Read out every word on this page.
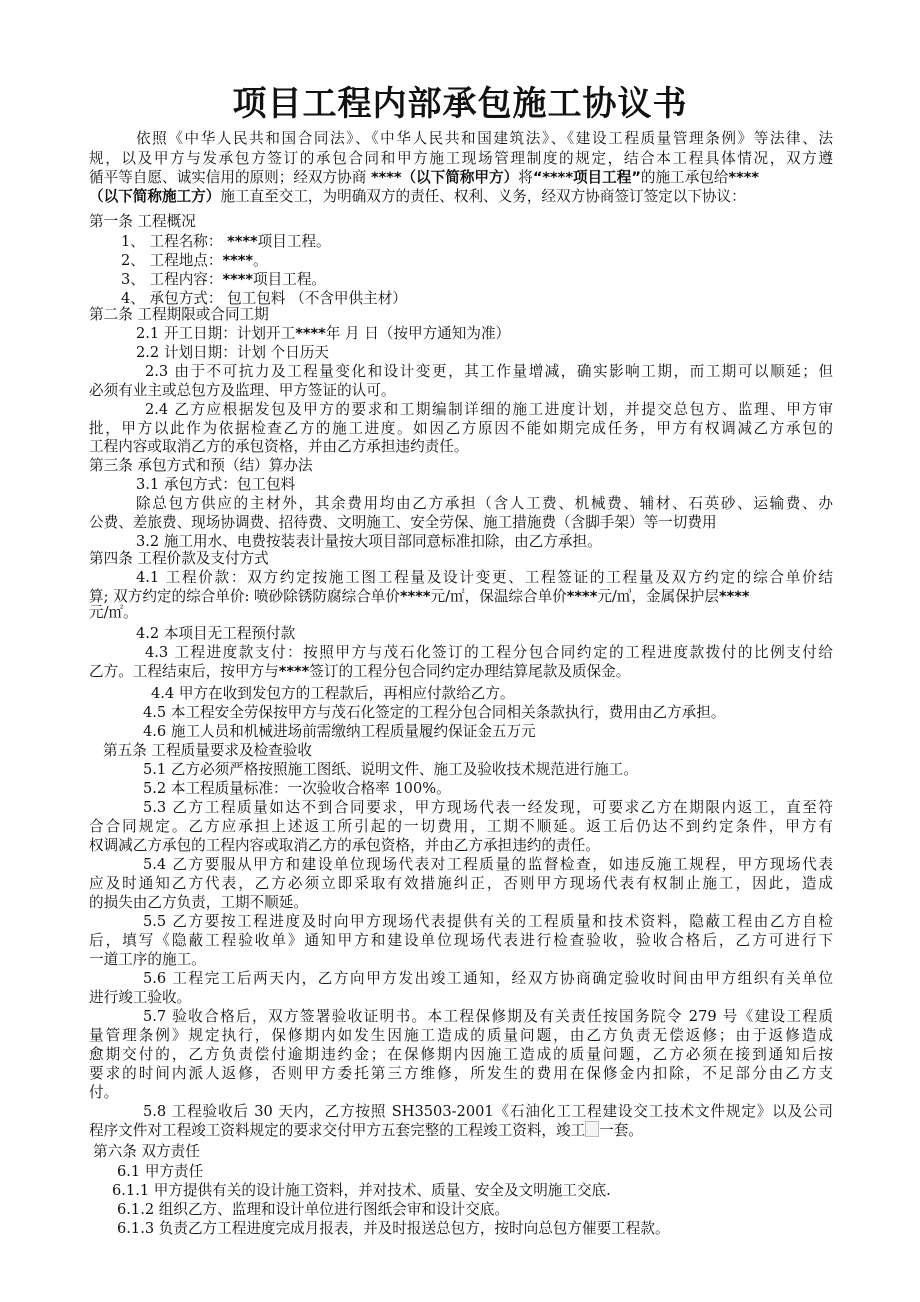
项目工程内部承包施工协议书
依照《中华人民共和国合同法》、《中华人民共和国建筑法》、《建设工程质量管理条例》等法律、法
规，以及甲方与发承包方签订的承包合同和甲方施工现场管理制度的规定，结合本工程具体情况，双方遵
循平等自愿、诚实信用的原则；经双方协商 ****（以下简称甲方）将“****项目工程”的施工承包给****
（以下简称施工方）施工直至交工，为明确双方的责任、权利、义务，经双方协商签订签定以下协议：
第一条 工程概况
1、 工程名称： ****项目工程。
2、 工程地点：****。
3、 工程内容：****项目工程。
4、 承包方式： 包工包料 （不含甲供主材）
第二条 工程期限或合同工期
2.1 开工日期：计划开工****年 月 日（按甲方通知为准）
2.2 计划日期：计划 个日历天
2.3 由于不可抗力及工程量变化和设计变更，其工作量增减，确实影响工期，而工期可以顺延；但
必须有业主或总包方及监理、甲方签证的认可。
2.4 乙方应根据发包及甲方的要求和工期编制详细的施工进度计划，并提交总包方、监理、甲方审
批，甲方以此作为依据检查乙方的施工进度。如因乙方原因不能如期完成任务，甲方有权调减乙方承包的
工程内容或取消乙方的承包资格，并由乙方承担违约责任。
第三条 承包方式和预（结）算办法
3.1 承包方式：包工包料
除总包方供应的主材外，其余费用均由乙方承担（含人工费、机械费、辅材、石英砂、运输费、办
公费、差旅费、现场协调费、招待费、文明施工、安全劳保、施工措施费（含脚手架）等一切费用
3.2 施工用水、电费按装表计量按大项目部同意标准扣除，由乙方承担。
第四条 工程价款及支付方式
4.1 工程价款：双方约定按施工图工程量及设计变更、工程签证的工程量及双方约定的综合单价结
算; 双方约定的综合单价: 喷砂除锈防腐综合单价****元/㎡，保温综合单价****元/㎥，金属保护层****
元/㎡。
4.2 本项目无工程预付款
4.3 工程进度款支付：按照甲方与茂石化签订的工程分包合同约定的工程进度款拨付的比例支付给
乙方。工程结束后，按甲方与****签订的工程分包合同约定办理结算尾款及质保金。
4.4 甲方在收到发包方的工程款后，再相应付款给乙方。
4.5 本工程安全劳保按甲方与茂石化签定的工程分包合同相关条款执行，费用由乙方承担。
4.6 施工人员和机械进场前需缴纳工程质量履约保证金五万元
第五条 工程质量要求及检查验收
5.1 乙方必须严格按照施工图纸、说明文件、施工及验收技术规范进行施工。
5.2 本工程质量标准：一次验收合格率 100%。
5.3 乙方工程质量如达不到合同要求，甲方现场代表一经发现，可要求乙方在期限内返工，直至符
合合同规定。乙方应承担上述返工所引起的一切费用，工期不顺延。返工后仍达不到约定条件，甲方有
权调减乙方承包的工程内容或取消乙方的承包资格，并由乙方承担违约的责任。
5.4 乙方要服从甲方和建设单位现场代表对工程质量的监督检查，如违反施工规程，甲方现场代表
应及时通知乙方代表，乙方必须立即采取有效措施纠正，否则甲方现场代表有权制止施工，因此，造成
的损失由乙方负责，工期不顺延。
5.5 乙方要按工程进度及时向甲方现场代表提供有关的工程质量和技术资料，隐蔽工程由乙方自检
后，填写《隐蔽工程验收单》通知甲方和建设单位现场代表进行检查验收，验收合格后，乙方可进行下
一道工序的施工。
5.6 工程完工后两天内，乙方向甲方发出竣工通知，经双方协商确定验收时间由甲方组织有关单位
进行竣工验收。
5.7 验收合格后，双方签署验收证明书。本工程保修期及有关责任按国务院令 279 号《建设工程质
量管理条例》规定执行，保修期内如发生因施工造成的质量问题，由乙方负责无偿返修；由于返修造成
愈期交付的，乙方负责偿付逾期违约金；在保修期内因施工造成的质量问题，乙方必须在接到通知后按
要求的时间内派人返修，否则甲方委托第三方维修，所发生的费用在保修金内扣除，不足部分由乙方支
付。
5.8 工程验收后 30 天内，乙方按照 SH3503-2001《石油化工工程建设交工技术文件规定》以及公司
程序文件对工程竣工资料规定的要求交付甲方五套完整的工程竣工资料，竣工 一套。
第六条 双方责任
6.1 甲方责任
6.1.1 甲方提供有关的设计施工资料，并对技术、质量、安全及文明施工交底.
6.1.2 组织乙方、监理和设计单位进行图纸会审和设计交底。
6.1.3 负责乙方工程进度完成月报表，并及时报送总包方，按时向总包方催要工程款。
